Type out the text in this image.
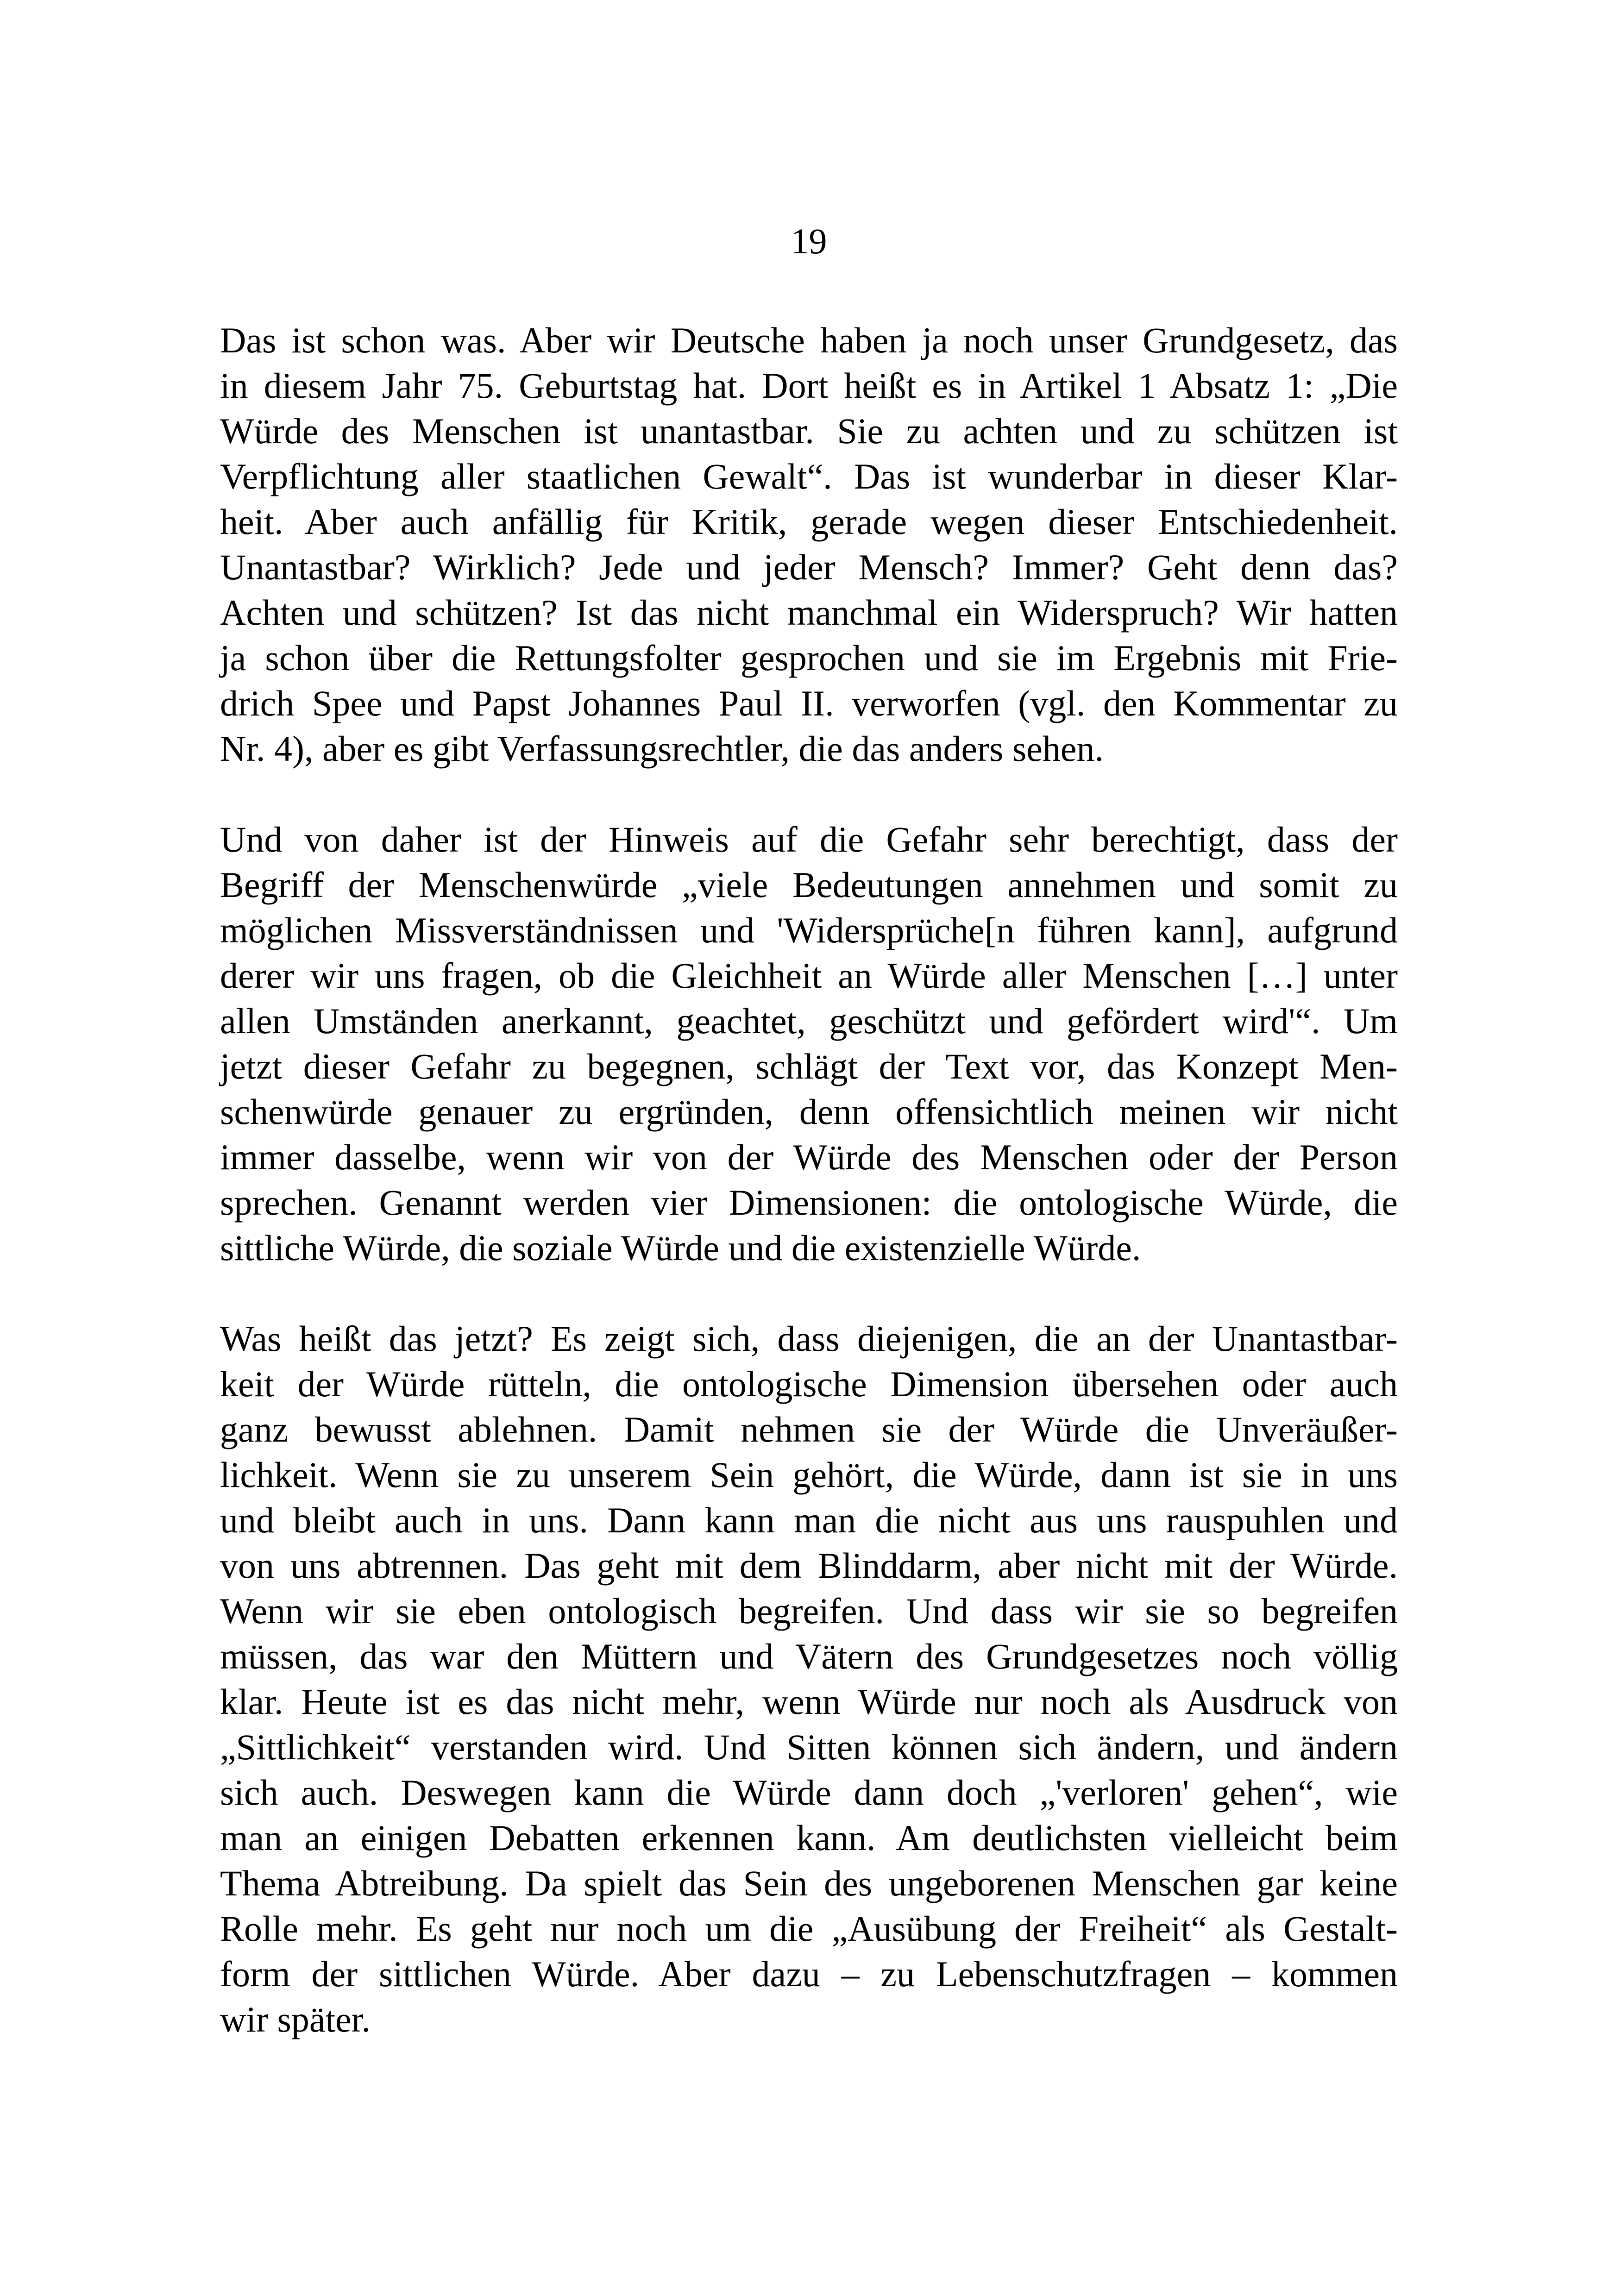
19
Das ist schon was. Aber wir Deutsche haben ja noch unser Grundgesetz, das
in diesem Jahr 75. Geburtstag hat. Dort heißt es in Artikel 1 Absatz 1: „Die
Würde des Menschen ist unantastbar. Sie zu achten und zu schützen ist
Verpflichtung aller staatlichen Gewalt“. Das ist wunderbar in dieser Klar-
heit. Aber auch anfällig für Kritik, gerade wegen dieser Entschiedenheit.
Unantastbar? Wirklich? Jede und jeder Mensch? Immer? Geht denn das?
Achten und schützen? Ist das nicht manchmal ein Widerspruch? Wir hatten
ja schon über die Rettungsfolter gesprochen und sie im Ergebnis mit Frie-
drich Spee und Papst Johannes Paul II. verworfen (vgl. den Kommentar zu
Nr. 4), aber es gibt Verfassungsrechtler, die das anders sehen.
Und von daher ist der Hinweis auf die Gefahr sehr berechtigt, dass der
Begriff der Menschenwürde „viele Bedeutungen annehmen und somit zu
möglichen Missverständnissen und 'Widersprüche[n führen kann], aufgrund
derer wir uns fragen, ob die Gleichheit an Würde aller Menschen […] unter
allen Umständen anerkannt, geachtet, geschützt und gefördert wird'“. Um
jetzt dieser Gefahr zu begegnen, schlägt der Text vor, das Konzept Men-
schenwürde genauer zu ergründen, denn offensichtlich meinen wir nicht
immer dasselbe, wenn wir von der Würde des Menschen oder der Person
sprechen. Genannt werden vier Dimensionen: die ontologische Würde, die
sittliche Würde, die soziale Würde und die existenzielle Würde.
Was heißt das jetzt? Es zeigt sich, dass diejenigen, die an der Unantastbar-
keit der Würde rütteln, die ontologische Dimension übersehen oder auch
ganz bewusst ablehnen. Damit nehmen sie der Würde die Unveräußer-
lichkeit. Wenn sie zu unserem Sein gehört, die Würde, dann ist sie in uns
und bleibt auch in uns. Dann kann man die nicht aus uns rauspuhlen und
von uns abtrennen. Das geht mit dem Blinddarm, aber nicht mit der Würde.
Wenn wir sie eben ontologisch begreifen. Und dass wir sie so begreifen
müssen, das war den Müttern und Vätern des Grundgesetzes noch völlig
klar. Heute ist es das nicht mehr, wenn Würde nur noch als Ausdruck von
„Sittlichkeit“ verstanden wird. Und Sitten können sich ändern, und ändern
sich auch. Deswegen kann die Würde dann doch „'verloren' gehen“, wie
man an einigen Debatten erkennen kann. Am deutlichsten vielleicht beim
Thema Abtreibung. Da spielt das Sein des ungeborenen Menschen gar keine
Rolle mehr. Es geht nur noch um die „Ausübung der Freiheit“ als Gestalt-
form der sittlichen Würde. Aber dazu – zu Lebenschutzfragen – kommen
wir später.
